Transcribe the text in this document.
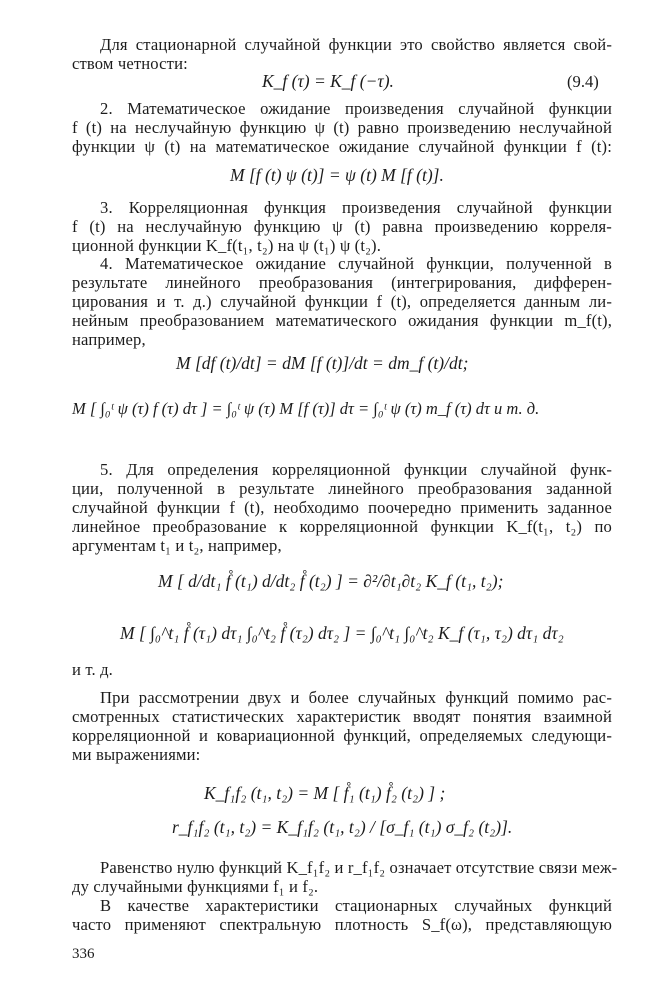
Для стационарной случайной функции это свойство является свой-
ством четности:
K_f (τ) = K_f (−τ).	(9.4)
2. Математическое ожидание произведения случайной функции
f (t) на неслучайную функцию ψ (t) равно произведению неслучайной
функции ψ (t) на математическое ожидание случайной функции f (t):
M [f (t) ψ (t)] = ψ (t) M [f (t)].
3. Корреляционная функция произведения случайной функции
f (t) на неслучайную функцию ψ (t) равна произведению корреля-
ционной функции K_f(t₁, t₂) на ψ (t₁) ψ (t₂).
4. Математическое ожидание случайной функции, полученной в
результате линейного преобразования (интегрирования, дифферен-
цирования и т. д.) случайной функции f (t), определяется данным ли-
нейным преобразованием математического ожидания функции m_f(t),
например,
M [df (t)/dt] = dM [f (t)]/dt = dm_f (t)/dt;
M [ ∫₀ᵗ ψ (τ) f (τ) dτ ] = ∫₀ᵗ ψ (τ) M [f (τ)] dτ = ∫₀ᵗ ψ (τ) m_f (τ) dτ и т. д.
5. Для определения корреляционной функции случайной функ-
ции, полученной в результате линейного преобразования заданной
случайной функции f (t), необходимо поочередно применить заданное
линейное преобразование к корреляционной функции K_f(t₁, t₂) по
аргументам t₁ и t₂, например,
M [ d/dt₁ f̊ (t₁) d/dt₂ f̊ (t₂) ] = ∂²/∂t₁∂t₂ K_f (t₁, t₂);
M [ ∫₀^t₁ f̊ (τ₁) dτ₁ ∫₀^t₂ f̊ (τ₂) dτ₂ ] = ∫₀^t₁ ∫₀^t₂ K_f (τ₁, τ₂) dτ₁ dτ₂
и т. д.
При рассмотрении двух и более случайных функций помимо рас-
смотренных статистических характеристик вводят понятия взаимной
корреляционной и ковариационной функций, определяемых следующи-
ми выражениями:
K_f₁f₂ (t₁, t₂) = M [ f̊₁ (t₁) f̊₂ (t₂) ] ;
r_f₁f₂ (t₁, t₂) = K_f₁f₂ (t₁, t₂) / [σ_f₁ (t₁) σ_f₂ (t₂)].
Равенство нулю функций K_f₁f₂ и r_f₁f₂ означает отсутствие связи меж-
ду случайными функциями f₁ и f₂.
В качестве характеристики стационарных случайных функций
часто применяют спектральную плотность S_f(ω), представляющую
336
